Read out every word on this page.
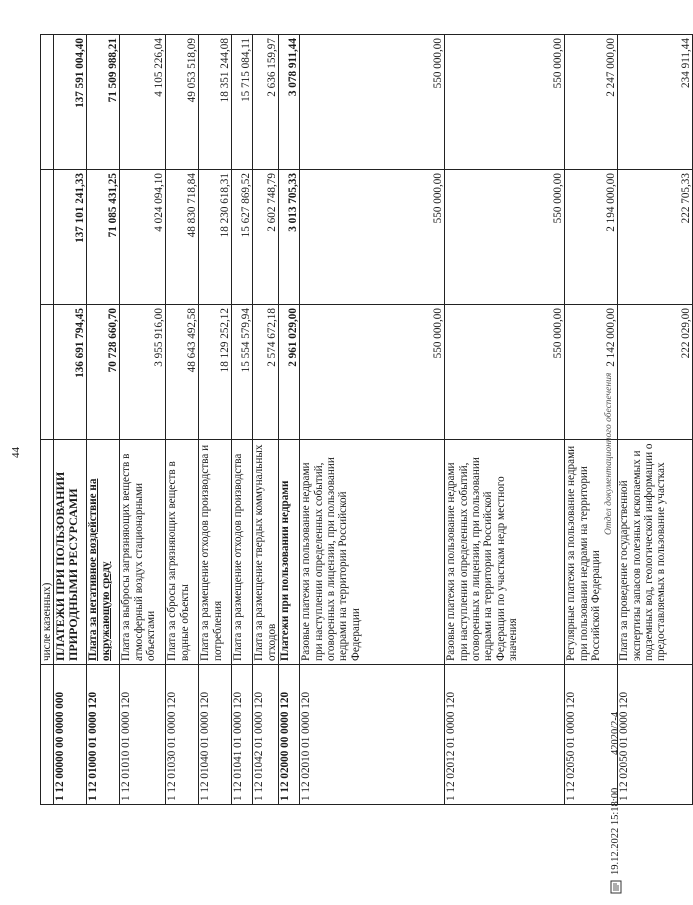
44
	числе казенных)			
1 12 00000 00 0000 000	ПЛАТЕЖИ ПРИ ПОЛЬЗОВАНИИ ПРИРОДНЫМИ РЕСУРСАМИ	136 691 794,45	137 101 241,33	137 591 004,40
1 12 01000 01 0000 120	Плата за негативное воздействие на окружающую среду	70 728 660,70	71 085 431,25	71 509 988,21
1 12 01010 01 0000 120	Плата за выбросы загрязняющих веществ в атмосферный воздух стационарными объектами	3 955 916,00	4 024 094,10	4 105 226,04
1 12 01030 01 0000 120	Плата за сбросы загрязняющих веществ в водные объекты	48 643 492,58	48 830 718,84	49 053 518,09
1 12 01040 01 0000 120	Плата за размещение отходов производства и потребления	18 129 252,12	18 230 618,31	18 351 244,08
1 12 01041 01 0000 120	Плата за размещение отходов производства	15 554 579,94	15 627 869,52	15 715 084,11
1 12 01042 01 0000 120	Плата за размещение твердых коммунальных отходов	2 574 672,18	2 602 748,79	2 636 159,97
1 12 02000 00 0000 120	Платежи при пользовании недрами	2 961 029,00	3 013 705,33	3 078 911,44
1 12 02010 01 0000 120	Разовые платежи за пользование недрами при наступлении определенных событий, оговоренных в лицензии, при пользовании недрами на территории Российской Федерации	550 000,00	550 000,00	550 000,00
1 12 02012 01 0000 120	Разовые платежи за пользование недрами при наступлении определенных событий, оговоренных в лицензии, при пользовании недрами на территории Российской Федерации по участкам недр местного значения	550 000,00	550 000,00	550 000,00
1 12 02050 01 0000 120	Регулярные платежи за пользование недрами при пользовании недрами на территории Российской Федерации	2 142 000,00	2 194 000,00	2 247 000,00
1 12 02050 01 0000 120	Плата за проведение государственной экспертизы запасов полезных ископаемых и подземных вод, геологической информации о предоставляемых в пользование участках	222 029,00	222 705,33	234 911,44
19.12.2022 15:18:00
42020/2-4
Отдел документационного обеспечения
